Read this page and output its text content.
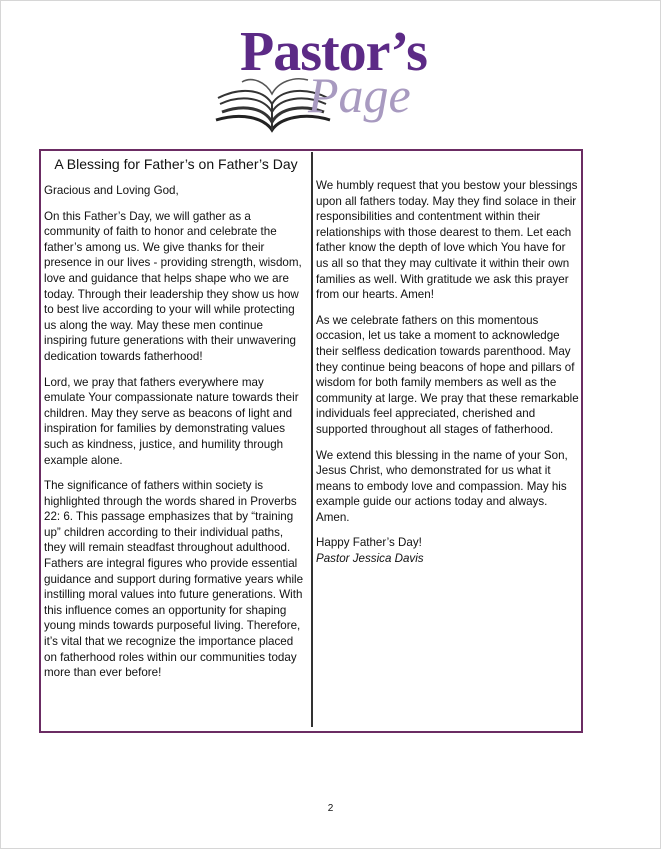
Pastor’s
Page
A Blessing for Father’s on Father’s Day

Gracious and Loving God,

On this Father’s Day, we will gather as a community of faith to honor and celebrate the father’s among us. We give thanks for their presence in our lives - providing strength, wisdom, love and guidance that helps shape who we are today. Through their leadership they show us how to best live according to your will while protecting us along the way. May these men continue inspiring future generations with their unwavering dedication towards fatherhood!

Lord, we pray that fathers everywhere may emulate Your compassionate nature towards their children. May they serve as beacons of light and inspiration for families by demonstrating values such as kindness, justice, and humility through example alone.

The significance of fathers within society is highlighted through the words shared in Proverbs 22: 6. This passage emphasizes that by “training up” children according to their individual paths, they will remain steadfast throughout adulthood. Fathers are integral figures who provide essential guidance and support during formative years while instilling moral values into future generations. With this influence comes an opportunity for shaping young minds towards purposeful living. Therefore, it’s vital that we recognize the importance placed on fatherhood roles within our communities today more than ever before!

We humbly request that you bestow your blessings upon all fathers today. May they find solace in their responsibilities and contentment within their relationships with those dearest to them. Let each father know the depth of love which You have for us all so that they may cultivate it within their own families as well. With gratitude we ask this prayer from our hearts. Amen!

As we celebrate fathers on this momentous occasion, let us take a moment to acknowledge their selfless dedication towards parenthood. May they continue being beacons of hope and pillars of wisdom for both family members as well as the community at large. We pray that these remarkable individuals feel appreciated, cherished and supported throughout all stages of fatherhood.

We extend this blessing in the name of your Son, Jesus Christ, who demonstrated for us what it means to embody love and compassion. May his example guide our actions today and always. Amen.

Happy Father’s Day!

Pastor Jessica Davis

2
